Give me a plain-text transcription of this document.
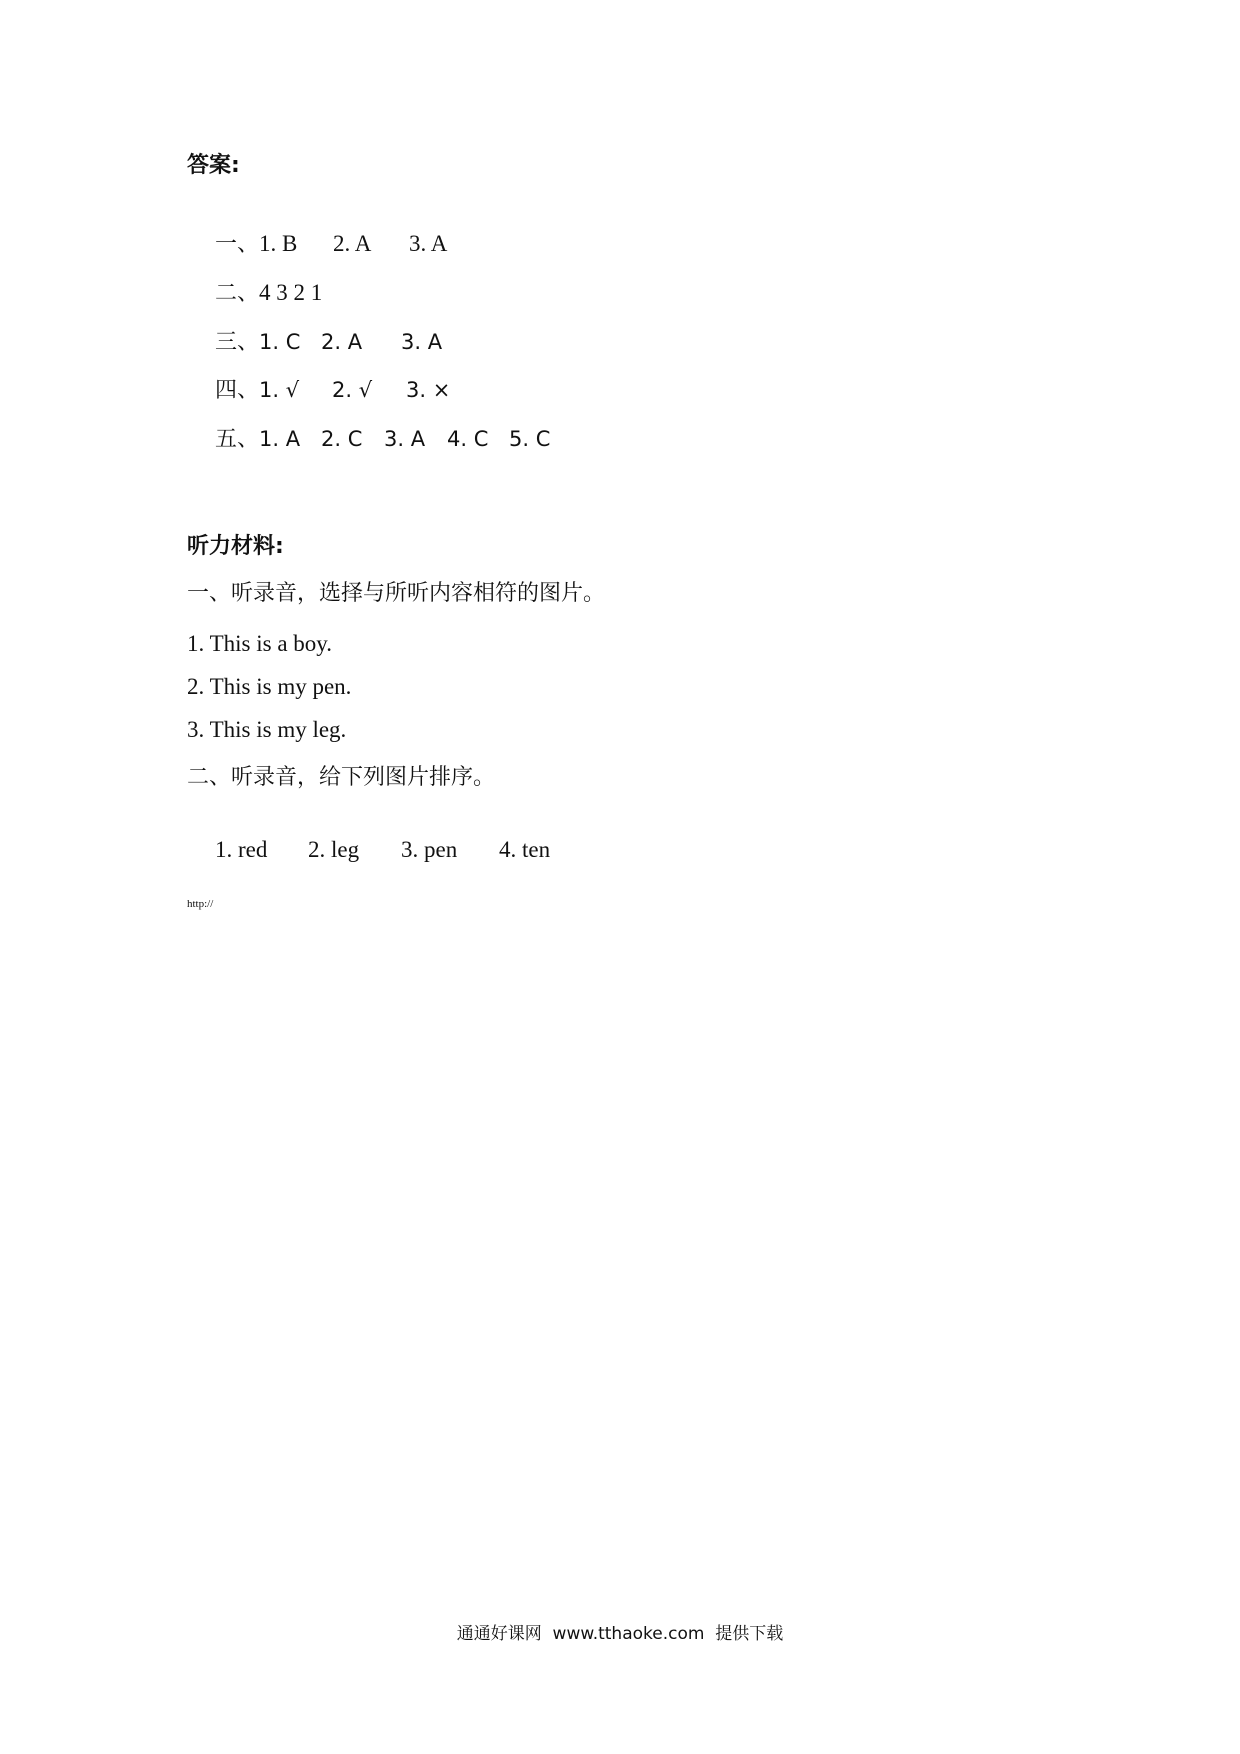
答案:

一、1. B 2. A 3. A

二、4 3 2 1

三、1. C 2. A 3. A

四、1. √ 2. √ 3. ×

五、1. A 2. C 3. A 4. C 5. C

听力材料:
一、听录音，选择与所听内容相符的图片。
1. This is a boy.
2. This is my pen.
3. This is my leg.
二、听录音，给下列图片排序。

1. red 2. leg 3. pen 4. ten

http://
通通好课网  www.tthaoke.com  提供下载
